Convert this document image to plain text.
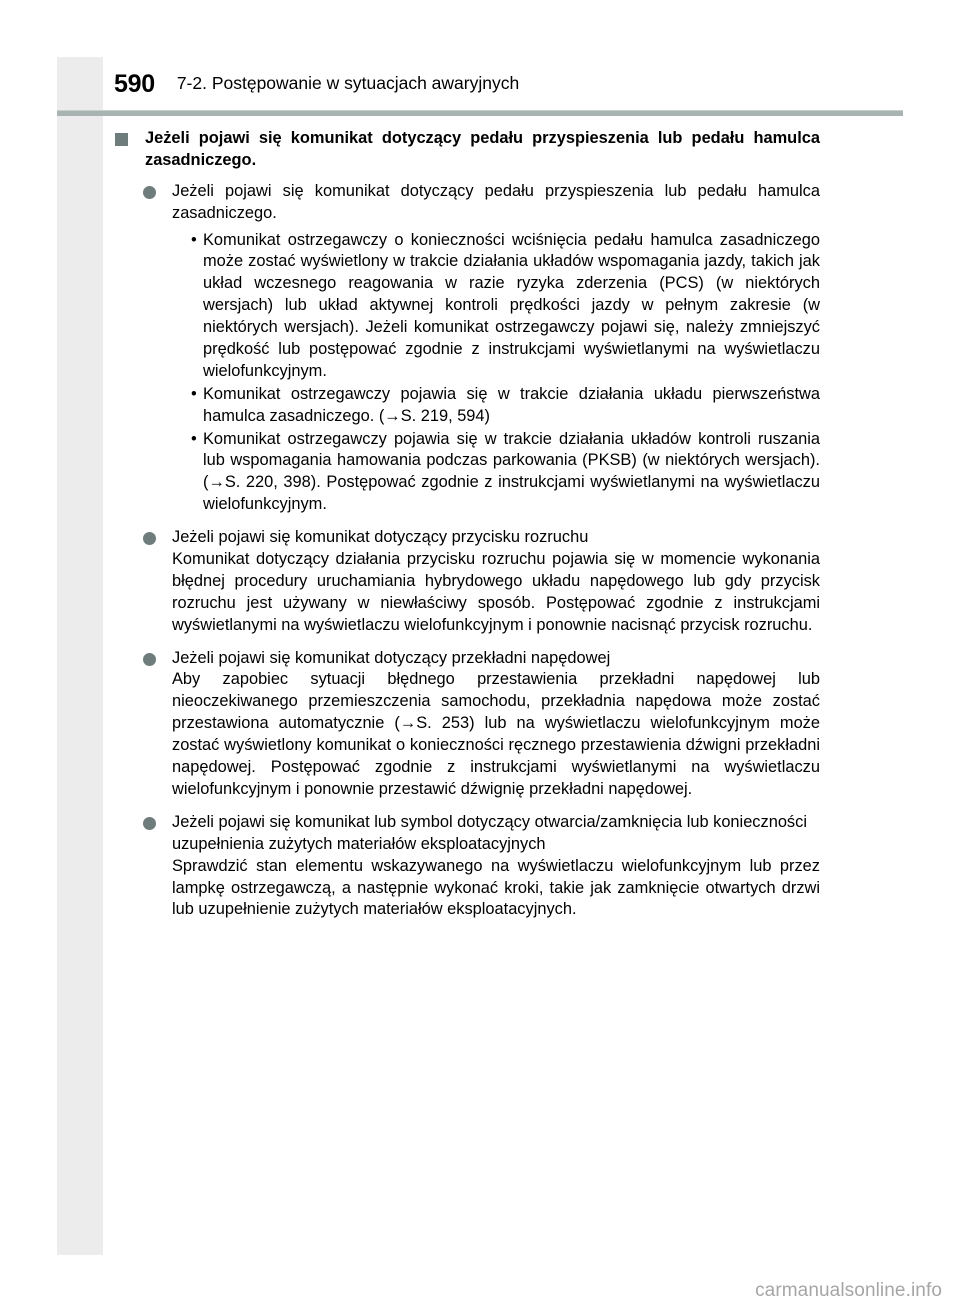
590 7-2. Postępowanie w sytuacjach awaryjnych
Jeżeli pojawi się komunikat dotyczący pedału przyspieszenia lub pedału hamulca zasadniczego.

Jeżeli pojawi się komunikat dotyczący pedału przyspieszenia lub pedału hamulca zasadniczego.

• Komunikat ostrzegawczy o konieczności wciśnięcia pedału hamulca zasadniczego może zostać wyświetlony w trakcie działania układów wspomagania jazdy, takich jak układ wczesnego reagowania w razie ryzyka zderzenia (PCS) (w niektórych wersjach) lub układ aktywnej kontroli prędkości jazdy w pełnym zakresie (w niektórych wersjach). Jeżeli komunikat ostrzegawczy pojawi się, należy zmniejszyć prędkość lub postępować zgodnie z instrukcjami wyświetlanymi na wyświetlaczu wielofunkcyjnym.
• Komunikat ostrzegawczy pojawia się w trakcie działania układu pierwszeństwa hamulca zasadniczego. (→S. 219, 594)
• Komunikat ostrzegawczy pojawia się w trakcie działania układów kontroli ruszania lub wspomagania hamowania podczas parkowania (PKSB) (w niektórych wersjach). (→S. 220, 398). Postępować zgodnie z instrukcjami wyświetlanymi na wyświetlaczu wielofunkcyjnym.

Jeżeli pojawi się komunikat dotyczący przycisku rozruchu

Komunikat dotyczący działania przycisku rozruchu pojawia się w momencie wykonania błędnej procedury uruchamiania hybrydowego układu napędowego lub gdy przycisk rozruchu jest używany w niewłaściwy sposób. Postępować zgodnie z instrukcjami wyświetlanymi na wyświetlaczu wielofunkcyjnym i ponownie nacisnąć przycisk rozruchu.

Jeżeli pojawi się komunikat dotyczący przekładni napędowej

Aby zapobiec sytuacji błędnego przestawienia przekładni napędowej lub nieoczekiwanego przemieszczenia samochodu, przekładnia napędowa może zostać przestawiona automatycznie (→S. 253) lub na wyświetlaczu wielofunkcyjnym może zostać wyświetlony komunikat o konieczności ręcznego przestawienia dźwigni przekładni napędowej. Postępować zgodnie z instrukcjami wyświetlanymi na wyświetlaczu wielofunkcyjnym i ponownie przestawić dźwignię przekładni napędowej.

Jeżeli pojawi się komunikat lub symbol dotyczący otwarcia/zamknięcia lub konieczności uzupełnienia zużytych materiałów eksploatacyjnych

Sprawdzić stan elementu wskazywanego na wyświetlaczu wielofunkcyjnym lub przez lampkę ostrzegawczą, a następnie wykonać kroki, takie jak zamknięcie otwartych drzwi lub uzupełnienie zużytych materiałów eksploatacyjnych.

carmanualsonline.info
